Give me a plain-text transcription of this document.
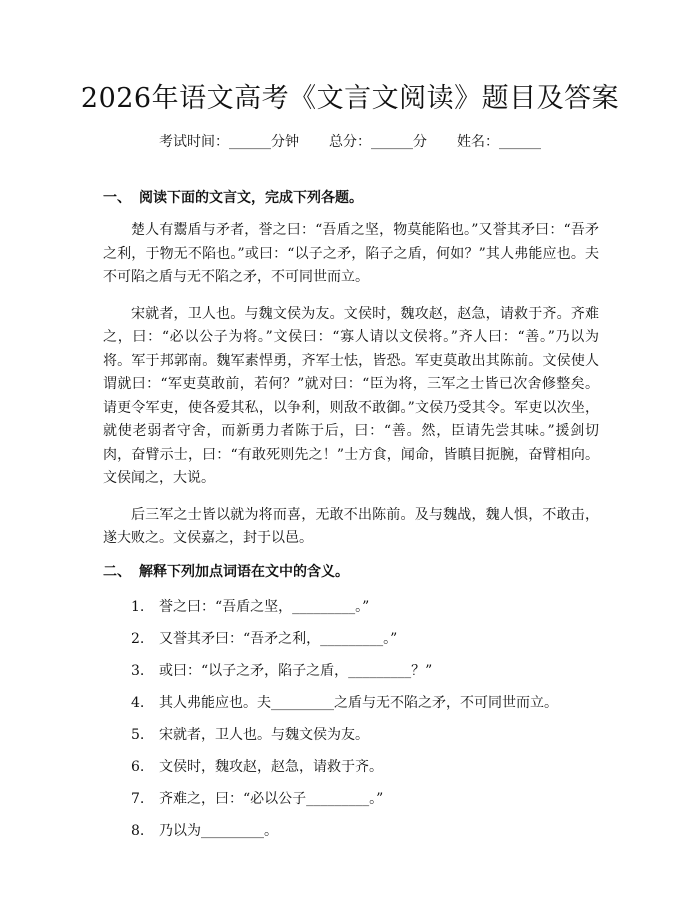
2026年语文高考《文言文阅读》题目及答案
考试时间：______分钟 总分：______分 姓名：______
一、 阅读下面的文言文，完成下列各题。

楚人有鬻盾与矛者，誉之曰：“吾盾之坚，物莫能陷也。”又誉其矛曰：“吾矛之利，于物无不陷也。”或曰：“以子之矛，陷子之盾，何如？”其人弗能应也。夫不可陷之盾与无不陷之矛，不可同世而立。

宋就者，卫人也。与魏文侯为友。文侯时，魏攻赵，赵急，请救于齐。齐难之，曰：“必以公子为将。”文侯曰：“寡人请以文侯将。”齐人曰：“善。”乃以为将。军于邦郭南。魏军素悍勇，齐军士怯，皆恐。军吏莫敢出其陈前。文侯使人谓就曰：“军吏莫敢前，若何？”就对曰：“臣为将，三军之士皆已次舍修整矣。请更令军吏，使各爱其私，以争利，则敌不敢御。”文侯乃受其令。军吏以次坐，就使老弱者守舍，而新勇力者陈于后，曰：“善。然，臣请先尝其味。”援剑切肉，奋臂示士，曰：“有敢死则先之！”士方食，闻命，皆瞋目扼腕，奋臂相向。文侯闻之，大说。

后三军之士皆以就为将而喜，无敢不出陈前。及与魏战，魏人惧，不敢击，遂大败之。文侯嘉之，封于以邑。

二、 解释下列加点词语在文中的含义。
1.	誉之曰：“吾盾之坚，_________。”
2.	又誉其矛曰：“吾矛之利，_________。”
3.	或曰：“以子之矛，陷子之盾，_________？”
4.	其人弗能应也。夫_________之盾与无不陷之矛，不可同世而立。
5.	宋就者，卫人也。与魏文侯为友。
6.	文侯时，魏攻赵，赵急，请救于齐。
7.	齐难之，曰：“必以公子_________。”
8.	乃以为_________。
